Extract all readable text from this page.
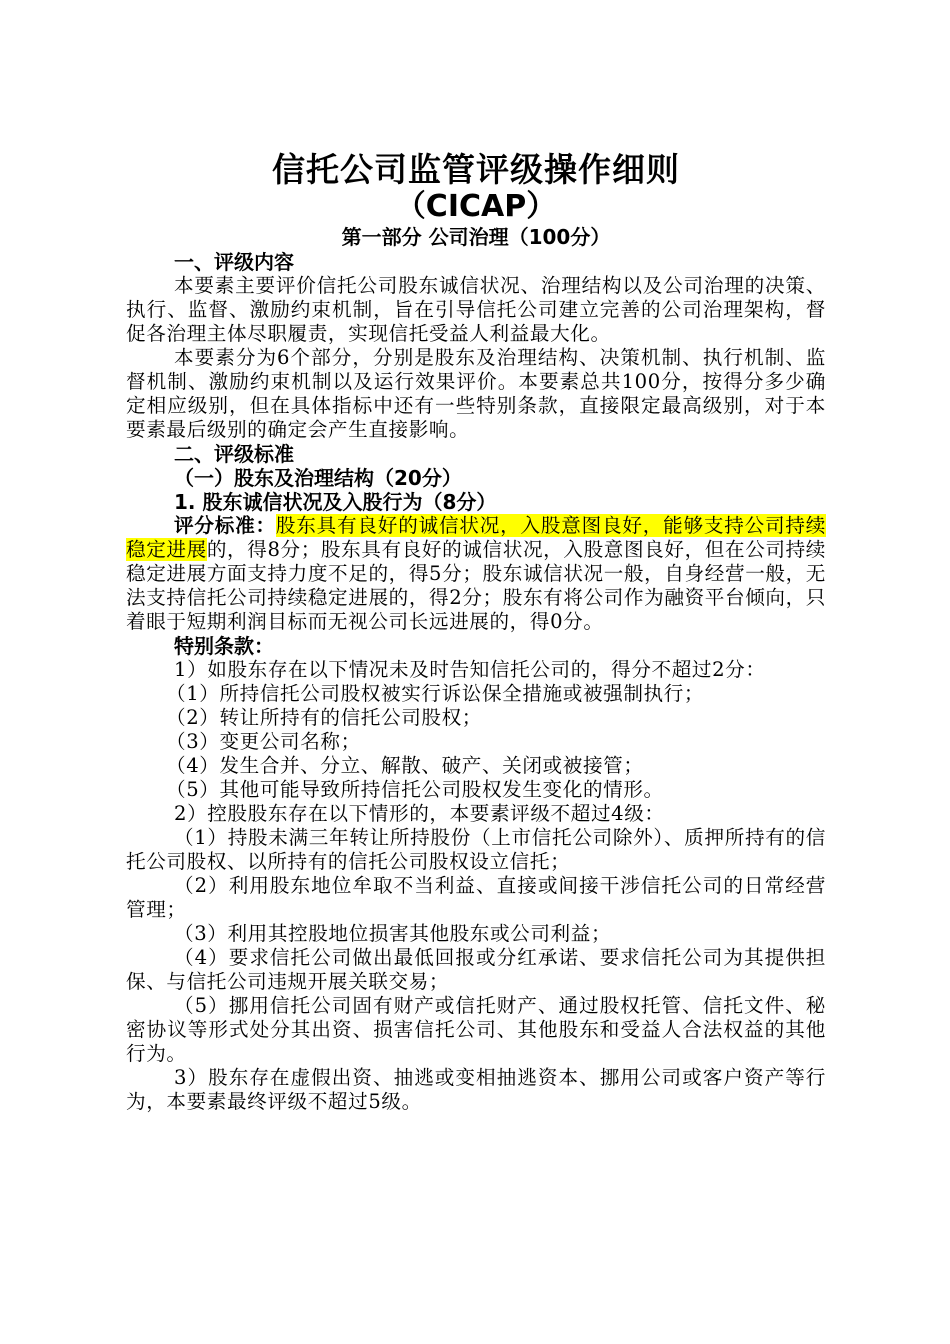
信托公司监管评级操作细则
（CICAP）
第一部分 公司治理（100分）
一、评级内容

本要素主要评价信托公司股东诚信状况、治理结构以及公司治理的决策、执行、监督、激励约束机制，旨在引导信托公司建立完善的公司治理架构，督促各治理主体尽职履责，实现信托受益人利益最大化。

本要素分为6个部分，分别是股东及治理结构、决策机制、执行机制、监督机制、激励约束机制以及运行效果评价。本要素总共100分，按得分多少确定相应级别，但在具体指标中还有一些特别条款，直接限定最高级别，对于本要素最后级别的确定会产生直接影响。

二、评级标准
（一）股东及治理结构（20分）
1. 股东诚信状况及入股行为（8分）

评分标准：股东具有良好的诚信状况，入股意图良好，能够支持公司持续稳定进展的，得8分；股东具有良好的诚信状况，入股意图良好，但在公司持续稳定进展方面支持力度不足的，得5分；股东诚信状况一般，自身经营一般，无法支持信托公司持续稳定进展的，得2分；股东有将公司作为融资平台倾向，只着眼于短期利润目标而无视公司长远进展的，得0分。

特别条款：

1）如股东存在以下情况未及时告知信托公司的，得分不超过2分：

（1）所持信托公司股权被实行诉讼保全措施或被强制执行；

（2）转让所持有的信托公司股权；

（3）变更公司名称；

（4）发生合并、分立、解散、破产、关闭或被接管；

（5）其他可能导致所持信托公司股权发生变化的情形。

2）控股股东存在以下情形的，本要素评级不超过4级：

（1）持股未满三年转让所持股份（上市信托公司除外）、质押所持有的信托公司股权、以所持有的信托公司股权设立信托；

（2）利用股东地位牟取不当利益、直接或间接干涉信托公司的日常经营管理；

（3）利用其控股地位损害其他股东或公司利益；

（4）要求信托公司做出最低回报或分红承诺、要求信托公司为其提供担保、与信托公司违规开展关联交易；

（5）挪用信托公司固有财产或信托财产、通过股权托管、信托文件、秘密协议等形式处分其出资、损害信托公司、其他股东和受益人合法权益的其他行为。

3）股东存在虚假出资、抽逃或变相抽逃资本、挪用公司或客户资产等行为，本要素最终评级不超过5级。
